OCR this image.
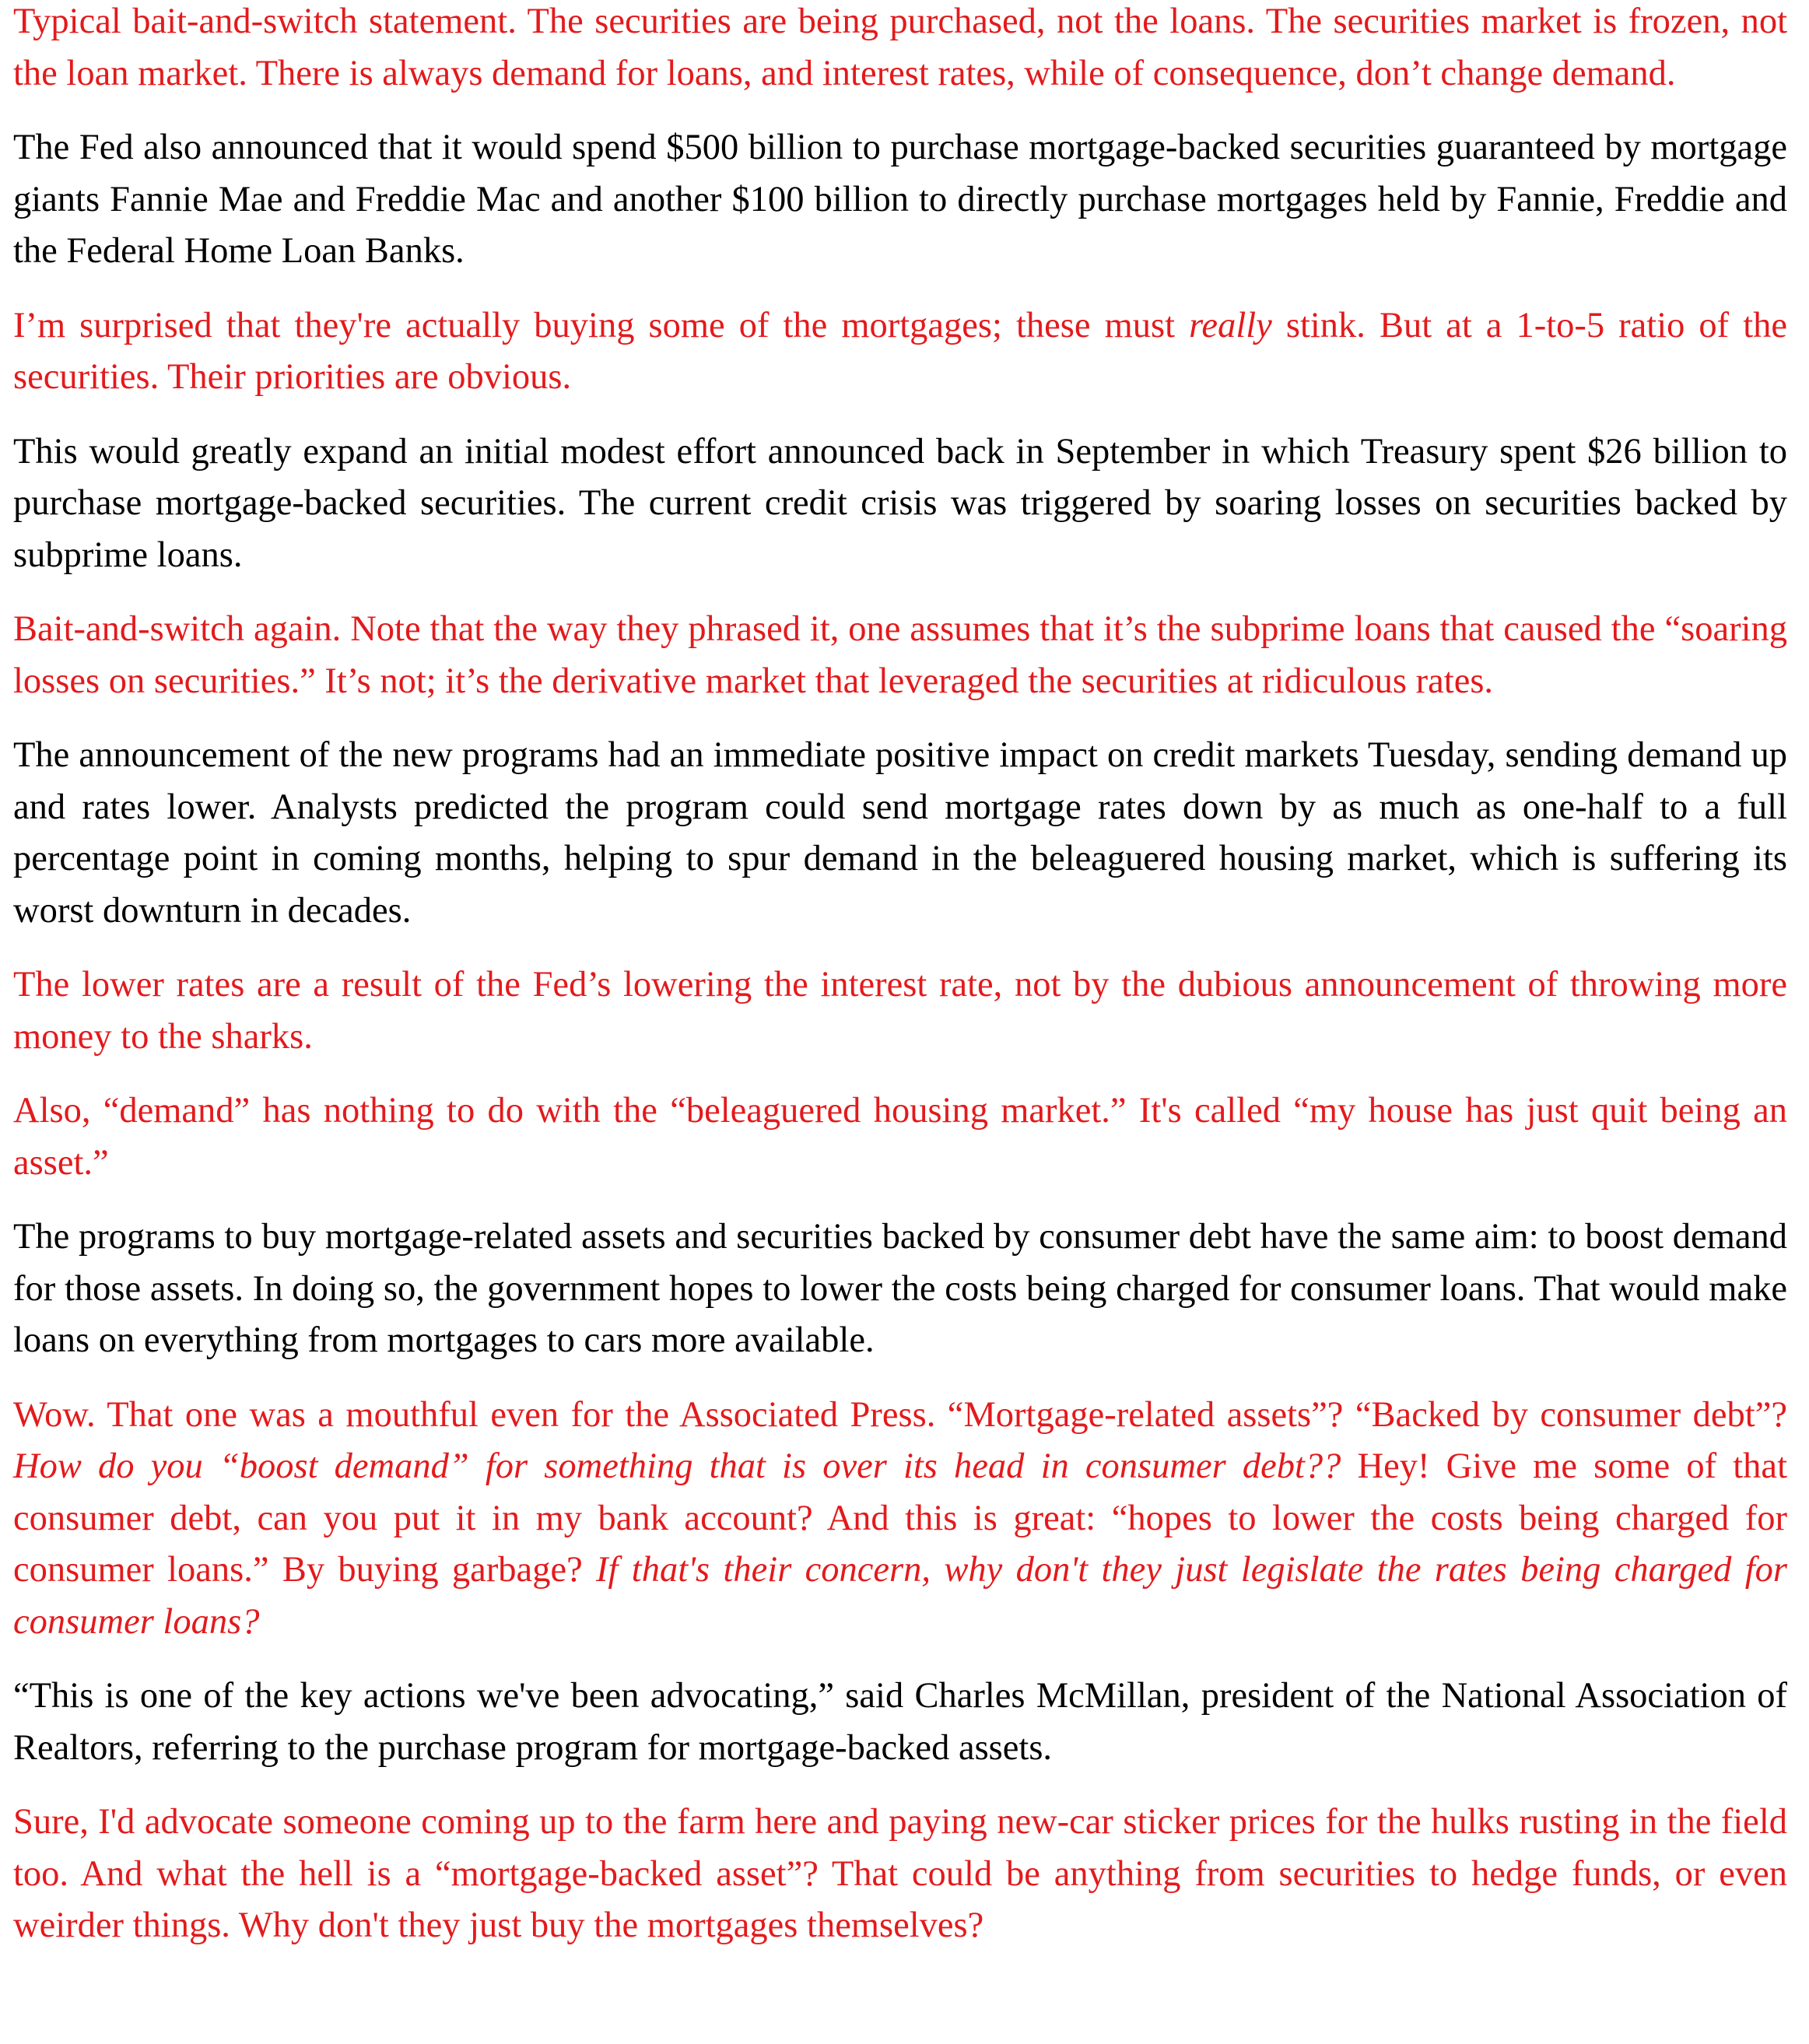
Typical bait-and-switch statement. The securities are being purchased, not the loans. The securities market is frozen, not the loan market. There is always demand for loans, and interest rates, while of consequence, don’t change demand.

The Fed also announced that it would spend $500 billion to purchase mortgage-backed securities guaranteed by mortgage giants Fannie Mae and Freddie Mac and another $100 billion to directly purchase mortgages held by Fannie, Freddie and the Federal Home Loan Banks.

I’m surprised that they're actually buying some of the mortgages; these must really stink. But at a 1-to-5 ratio of the securities. Their priorities are obvious.

This would greatly expand an initial modest effort announced back in September in which Treasury spent $26 billion to purchase mortgage-backed securities. The current credit crisis was triggered by soaring losses on securities backed by subprime loans.

Bait-and-switch again. Note that the way they phrased it, one assumes that it’s the subprime loans that caused the “soaring losses on securities.” It’s not; it’s the derivative market that leveraged the securities at ridiculous rates.

The announcement of the new programs had an immediate positive impact on credit markets Tuesday, sending demand up and rates lower. Analysts predicted the program could send mortgage rates down by as much as one-half to a full percentage point in coming months, helping to spur demand in the beleaguered housing market, which is suffering its worst downturn in decades.

The lower rates are a result of the Fed’s lowering the interest rate, not by the dubious announcement of throwing more money to the sharks.

Also, “demand” has nothing to do with the “beleaguered housing market.” It's called “my house has just quit being an asset.”

The programs to buy mortgage-related assets and securities backed by consumer debt have the same aim: to boost demand for those assets. In doing so, the government hopes to lower the costs being charged for consumer loans. That would make loans on everything from mortgages to cars more available.

Wow. That one was a mouthful even for the Associated Press. “Mortgage-related assets”? “Backed by consumer debt”? How do you “boost demand” for something that is over its head in consumer debt?? Hey! Give me some of that consumer debt, can you put it in my bank account? And this is great: “hopes to lower the costs being charged for consumer loans.” By buying garbage? If that's their concern, why don't they just legislate the rates being charged for consumer loans?

“This is one of the key actions we've been advocating,” said Charles McMillan, president of the National Association of Realtors, referring to the purchase program for mortgage-backed assets.

Sure, I'd advocate someone coming up to the farm here and paying new-car sticker prices for the hulks rusting in the field too. And what the hell is a “mortgage-backed asset”? That could be anything from securities to hedge funds, or even weirder things. Why don't they just buy the mortgages themselves?
